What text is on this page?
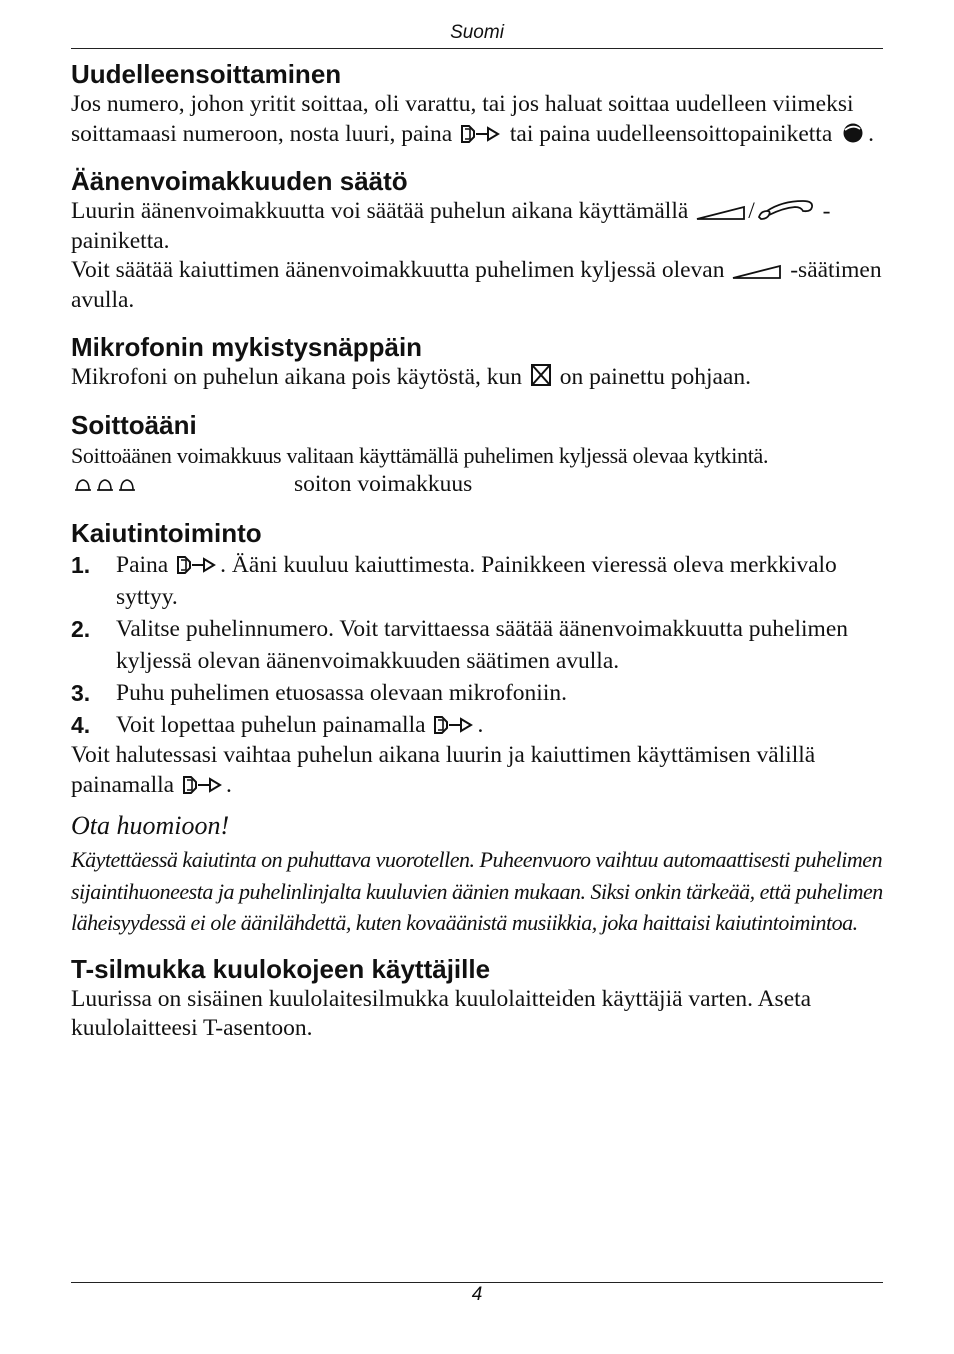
Suomi
Uudelleensoittaminen

Jos numero, johon yritit soittaa, oli varattu, tai jos haluat soittaa uudelleen viimeksi soittamaasi numeroon, nosta luuri, paina tai paina uudelleensoittopainiketta .

Äänenvoimakkuuden säätö

Luurin äänenvoimakkuutta voi säätää puhelun aikana käyttämällä	/	-painiketta.

Voit säätää kaiuttimen äänenvoimakkuutta puhelimen kyljessä olevan	-säätimen avulla.

Mikrofonin mykistysnäppäin

Mikrofoni on puhelun aikana pois käytöstä, kun on painettu pohjaan.

Soittoääni

Soittoäänen voimakkuus valitaan käyttämällä puhelimen kyljessä olevaa kytkintä.

soiton voimakkuus

Kaiutintoiminto
1. Paina . Ääni kuuluu kaiuttimesta. Painikkeen vieressä oleva merkkivalo syttyy.
2. Valitse puhelinnumero. Voit tarvittaessa säätää äänenvoimakkuutta puhelimen kyljessä olevan äänenvoimakkuuden säätimen avulla.
3. Puhu puhelimen etuosassa olevaan mikrofoniin.
4. Voit lopettaa puhelun painamalla .

Voit halutessasi vaihtaa puhelun aikana luurin ja kaiuttimen käyttämisen välillä painamalla .

Ota huomioon!

Käytettäessä kaiutinta on puhuttava vuorotellen. Puheenvuoro vaihtuu automaattisesti puhelimen sijaintihuoneesta ja puhelinlinjalta kuuluvien äänien mukaan. Siksi onkin tärkeää, että puhelimen läheisyydessä ei ole äänilähdettä, kuten kovaäänistä musiikkia, joka haittaisi kaiutintoimintoa.

T-silmukka kuulokojeen käyttäjille

Luurissa on sisäinen kuulolaitesilmukka kuulolaitteiden käyttäjiä varten. Aseta kuulolaitteesi T-asentoon.

4
